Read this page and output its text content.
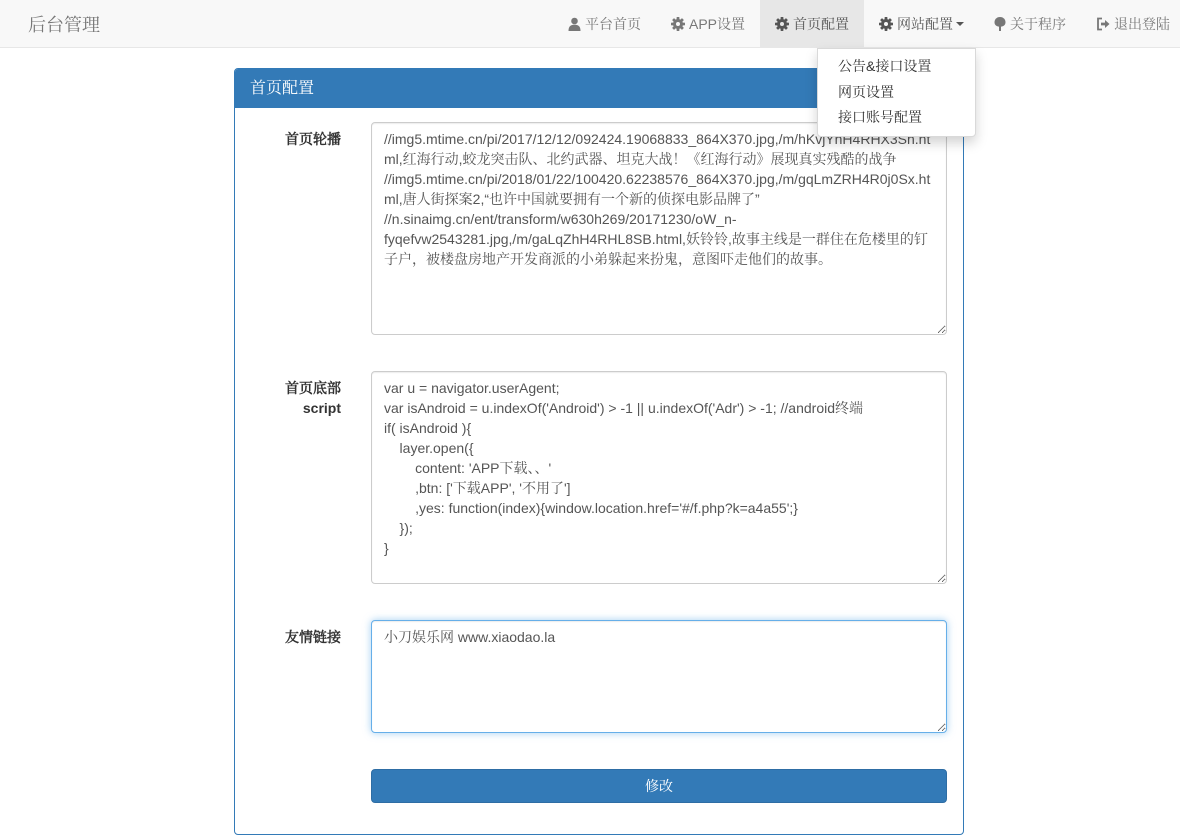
后台管理	平台首页	APP设置	首页配置	网站配置	关于程序	退出登陆
首页配置
首页轮播
//img5.mtime.cn/pi/2017/12/12/092424.19068833_864X370.jpg,/m/hKvjYhH4RHX3Sh.html,红海行动,蛟龙突击队、北约武器、坦克大战！《红海行动》展现真实残酷的战争 //img5.mtime.cn/pi/2018/01/22/100420.62238576_864X370.jpg,/m/gqLmZRH4R0j0Sx.html,唐人街探案2,“也许中国就要拥有一个新的侦探电影品牌了” //n.sinaimg.cn/ent/transform/w630h269/20171230/oW_n-fyqefvw2543281.jpg,/m/gaLqZhH4RHL8SB.html,妖铃铃,故事主线是一群住在危楼里的钉子户，被楼盘房地产开发商派的小弟躲起来扮鬼，意图吓走他们的故事。
首页底部
script
var u = navigator.userAgent; var isAndroid = u.indexOf('Android') > -1 || u.indexOf('Adr') > -1; //android终端 if( isAndroid ){ layer.open({ content: 'APP下载、、' ,btn: ['下载APP', '不用了'] ,yes: function(index){window.location.href='#/f.php?k=a4a55';} }); }
友情链接
小刀娱乐网 www.xiaodao.la
修改
公告&接口设置
网页设置
接口账号配置
